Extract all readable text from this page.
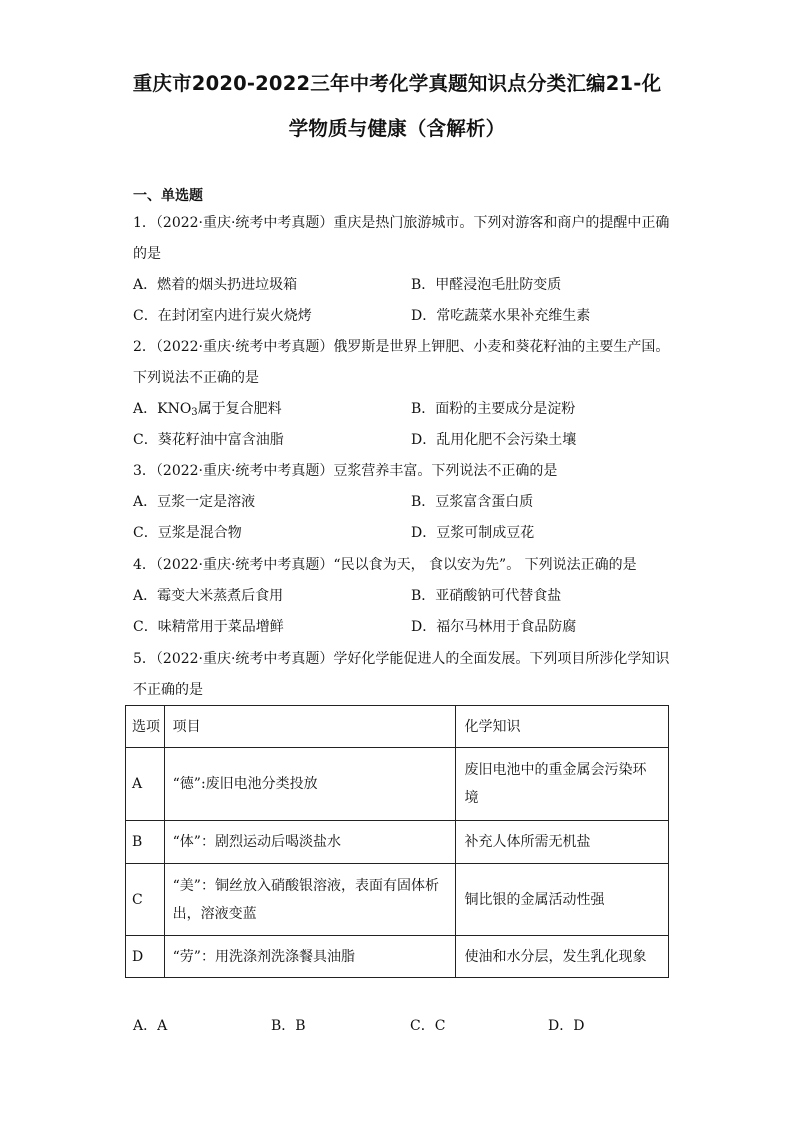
重庆市2020-2022三年中考化学真题知识点分类汇编21-化
学物质与健康（含解析）
一、单选题
1．（2022·重庆·统考中考真题）重庆是热门旅游城市。下列对游客和商户的提醒中正确
的是
A．燃着的烟头扔进垃圾箱	B．甲醛浸泡毛肚防变质
C．在封闭室内进行炭火烧烤	D．常吃蔬菜水果补充维生素
2．（2022·重庆·统考中考真题）俄罗斯是世界上钾肥、小麦和葵花籽油的主要生产国。
下列说法不正确的是
A．$KNO_3$属于复合肥料	B．面粉的主要成分是淀粉
C．葵花籽油中富含油脂	D．乱用化肥不会污染土壤
3．（2022·重庆·统考中考真题）豆浆营养丰富。下列说法不正确的是
A．豆浆一定是溶液	B．豆浆富含蛋白质
C．豆浆是混合物	D．豆浆可制成豆花
4．（2022·重庆·统考中考真题）“民以食为天， 食以安为先”。 下列说法正确的是
A．霉变大米蒸煮后食用	B．亚硝酸钠可代替食盐
C．味精常用于菜品增鲜	D．福尔马林用于食品防腐
5．（2022·重庆·统考中考真题）学好化学能促进人的全面发展。下列项目所涉化学知识
不正确的是
选项	项目	化学知识
A	“德”:废旧电池分类投放	废旧电池中的重金属会污染环境
B	“体”：剧烈运动后喝淡盐水	补充人体所需无机盐
C	“美”：铜丝放入硝酸银溶液，表面有固体析出，溶液变蓝	铜比银的金属活动性强
D	“劳”：用洗涤剂洗涤餐具油脂	使油和水分层，发生乳化现象
A．A	B．B	C．C	D．D
